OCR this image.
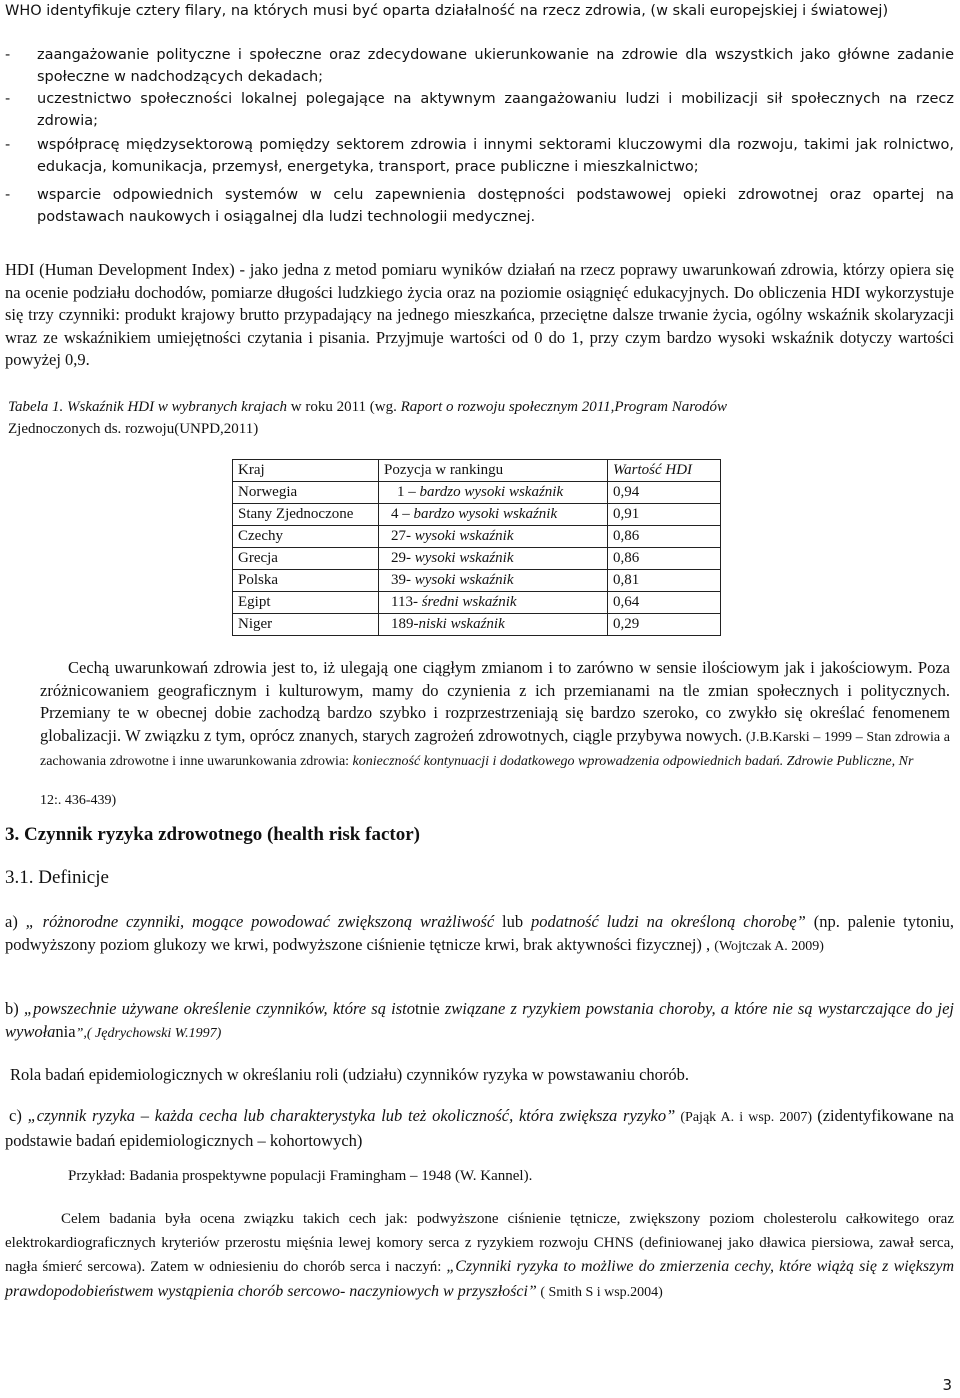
WHO identyfikuje cztery filary, na których musi być oparta działalność na rzecz zdrowia, (w skali europejskiej i światowej)
- zaangażowanie polityczne i społeczne oraz zdecydowane ukierunkowanie na zdrowie dla wszystkich jako główne zadanie społeczne w nadchodzących dekadach;
- uczestnictwo społeczności lokalnej polegające na aktywnym zaangażowaniu ludzi i mobilizacji sił społecznych na rzecz zdrowia;
- współpracę międzysektorową pomiędzy sektorem zdrowia i innymi sektorami kluczowymi dla rozwoju, takimi jak rolnictwo, edukacja, komunikacja, przemysł, energetyka, transport, prace publiczne i mieszkalnictwo;
- wsparcie odpowiednich systemów w celu zapewnienia dostępności podstawowej opieki zdrowotnej oraz opartej na podstawach naukowych i osiągalnej dla ludzi technologii medycznej.
HDI (Human Development Index) - jako jedna z metod pomiaru wyników działań na rzecz poprawy uwarunkowań zdrowia, którzy opiera się na ocenie podziału dochodów, pomiarze długości ludzkiego życia oraz na poziomie osiągnięć edukacyjnych. Do obliczenia HDI wykorzystuje się trzy czynniki: produkt krajowy brutto przypadający na jednego mieszkańca, przeciętne dalsze trwanie życia, ogólny wskaźnik skolaryzacji wraz ze wskaźnikiem umiejętności czytania i pisania. Przyjmuje wartości od 0 do 1, przy czym bardzo wysoki wskaźnik dotyczy wartości powyżej 0,9.
Tabela 1. Wskaźnik HDI w wybranych krajach w roku 2011 (wg. Raport o rozwoju społecznym 2011,Program Narodów
Zjednoczonych ds. rozwoju(UNPD,2011)
Kraj	Pozycja w rankingu	Wartość HDI
Norwegia	1 – bardzo wysoki wskaźnik	0,94
Stany Zjednoczone	4 – bardzo wysoki wskaźnik	0,91
Czechy	27- wysoki wskaźnik	0,86
Grecja	29- wysoki wskaźnik	0,86
Polska	39- wysoki wskaźnik	0,81
Egipt	113- średni wskaźnik	0,64
Niger	189-niski wskaźnik	0,29
Cechą uwarunkowań zdrowia jest to, iż ulegają one ciągłym zmianom i to zarówno w sensie ilościowym jak i jakościowym. Poza zróżnicowaniem geograficznym i kulturowym, mamy do czynienia z ich przemianami na tle zmian społecznych i politycznych. Przemiany te w obecnej dobie zachodzą bardzo szybko i rozprzestrzeniają się bardzo szeroko, co zwykło się określać fenomenem globalizacji. W związku z tym, oprócz znanych, starych zagrożeń zdrowotnych, ciągle przybywa nowych. (J.B.Karski – 1999 – Stan zdrowia a zachowania zdrowotne i inne uwarunkowania zdrowia: konieczność kontynuacji i dodatkowego wprowadzenia odpowiednich badań. Zdrowie Publiczne, Nr
12:. 436-439)
3. Czynnik ryzyka zdrowotnego (health risk factor)
3.1. Definicje
a) „ różnorodne czynniki, mogące powodować zwiększoną wrażliwość lub podatność ludzi na określoną chorobę” (np. palenie tytoniu, podwyższony poziom glukozy we krwi, podwyższone ciśnienie tętnicze krwi, brak aktywności fizycznej) , (Wojtczak A. 2009)
b) „powszechnie używane określenie czynników, które są istotnie związane z ryzykiem powstania choroby, a które nie są wystarczające do jej wywołania”,( Jędrychowski W.1997)
Rola badań epidemiologicznych w określaniu roli (udziału) czynników ryzyka w powstawaniu chorób.
c) „czynnik ryzyka – każda cecha lub charakterystyka lub też okoliczność, która zwiększa ryzyko” (Pająk A. i wsp. 2007) (zidentyfikowane na podstawie badań epidemiologicznych – kohortowych)
Przykład: Badania prospektywne populacji Framingham – 1948 (W. Kannel).
Celem badania była ocena związku takich cech jak: podwyższone ciśnienie tętnicze, zwiększony poziom cholesterolu całkowitego oraz elektrokardiograficznych kryteriów przerostu mięśnia lewej komory serca z ryzykiem rozwoju CHNS (definiowanej jako dławica piersiowa, zawał serca, nagła śmierć sercowa). Zatem w odniesieniu do chorób serca i naczyń: „Czynniki ryzyka to możliwe do zmierzenia cechy, które wiążą się z większym prawdopodobieństwem wystąpienia chorób sercowo- naczyniowych w przyszłości” ( Smith S i wsp.2004)
3
